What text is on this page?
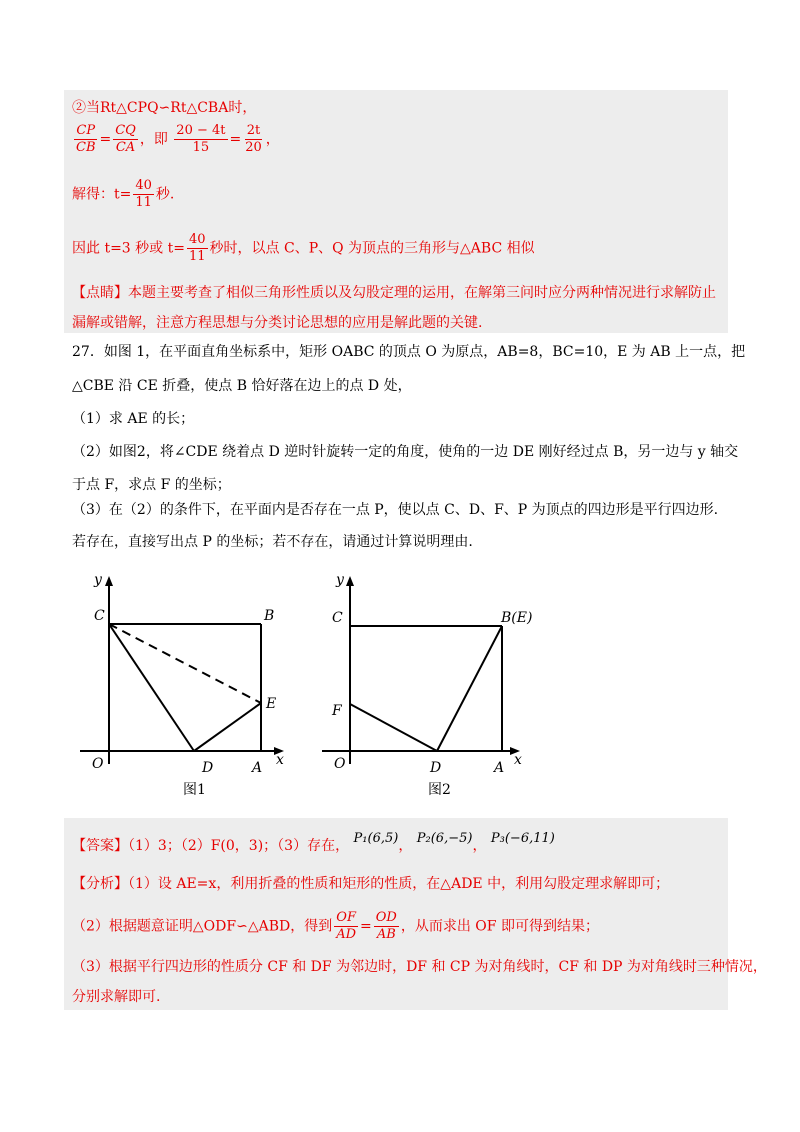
②当Rt△CPQ∽Rt△CBA时，
$\frac{CP}{CB} = \frac{CQ}{CA}$ ，即 $\frac{20 - 4t}{15} = \frac{2t}{20}$ ，
解得：$t= \frac{40}{11}$ 秒.
因此 t=3 秒或 $t= \frac{40}{11}$ 秒时，以点 C、P、Q 为顶点的三角形与△ABC 相似
【点睛】本题主要考查了相似三角形性质以及勾股定理的运用，在解第三问时应分两种情况进行求解防止
漏解或错解，注意方程思想与分类讨论思想的应用是解此题的关键.
27．如图 1，在平面直角坐标系中，矩形 OABC 的顶点 O 为原点，AB=8，BC=10，E 为 AB 上一点，把
△CBE 沿 CE 折叠，使点 B 恰好落在边上的点 D 处，
（1）求 AE 的长；
（2）如图2，将∠CDE 绕着点 D 逆时针旋转一定的角度，使角的一边 DE 刚好经过点 B，另一边与 y 轴交
于点 F，求点 F 的坐标；
（3）在（2）的条件下，在平面内是否存在一点 P，使以点 C、D、F、P 为顶点的四边形是平行四边形.
若存在，直接写出点 P 的坐标；若不存在，请通过计算说明理由.
y
C	B
E
O	D	A x
图1
y
C	B(E)
F
O	D	A x
图2
【答案】（1）3；（2）F(0，3)；（3）存在， P₁(6,5)， P₂(6,−5)， P₃(−6,11)
【分析】（1）设 AE=x，利用折叠的性质和矩形的性质，在△ADE 中，利用勾股定理求解即可；
（2）根据题意证明△ODF∽△ABD，得到 $\frac{OF}{AD} = \frac{OD}{AB}$ ，从而求出 OF 即可得到结果；
（3）根据平行四边形的性质分 CF 和 DF 为邻边时，DF 和 CP 为对角线时，CF 和 DP 为对角线时三种情况，
分别求解即可.
